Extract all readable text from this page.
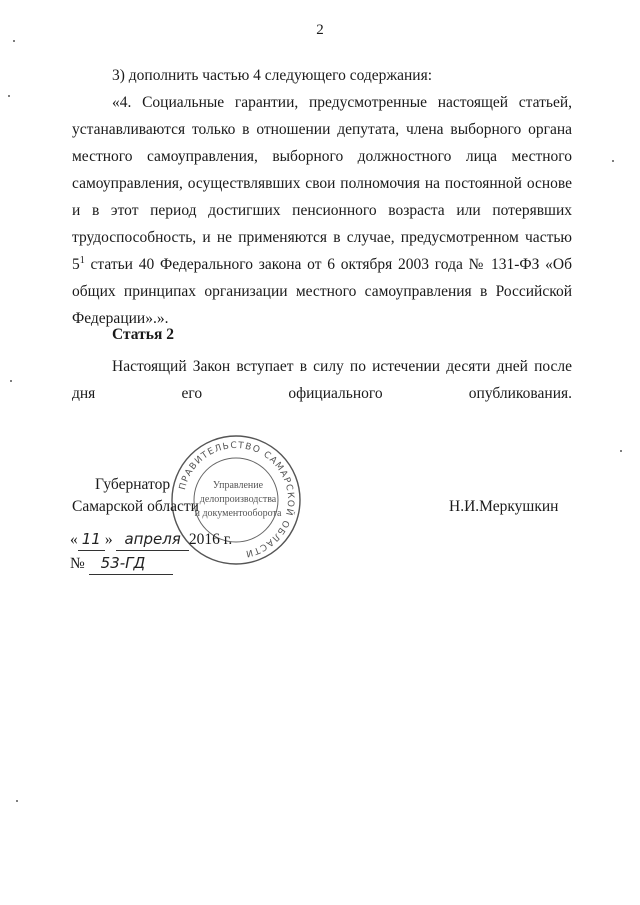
2

3) дополнить частью 4 следующего содержания:

«4. Социальные гарантии, предусмотренные настоящей статьей, устанавливаются только в отношении депутата, члена выборного органа местного самоуправления, выборного должностного лица местного самоуправления, осуществлявших свои полномочия на постоянной основе и в этот период достигших пенсионного возраста или потерявших трудоспособность, и не применяются в случае, предусмотренном частью $5^1$ статьи 40 Федерального закона от 6 октября 2003 года № 131-ФЗ «Об общих принципах организации местного самоуправления в Российской Федерации».».

Статья 2

Настоящий Закон вступает в силу по истечении десяти дней после дня его официального опубликования.

ПРАВИТЕЛЬСТВО САМАРСКОЙ ОБЛАСТИ
Управление
делопроизводства
и документооборота
Губернатор
Самарской области	Н.И.Меркушкин
« 11 » апреля 2016 г.
№ 53-ГД
